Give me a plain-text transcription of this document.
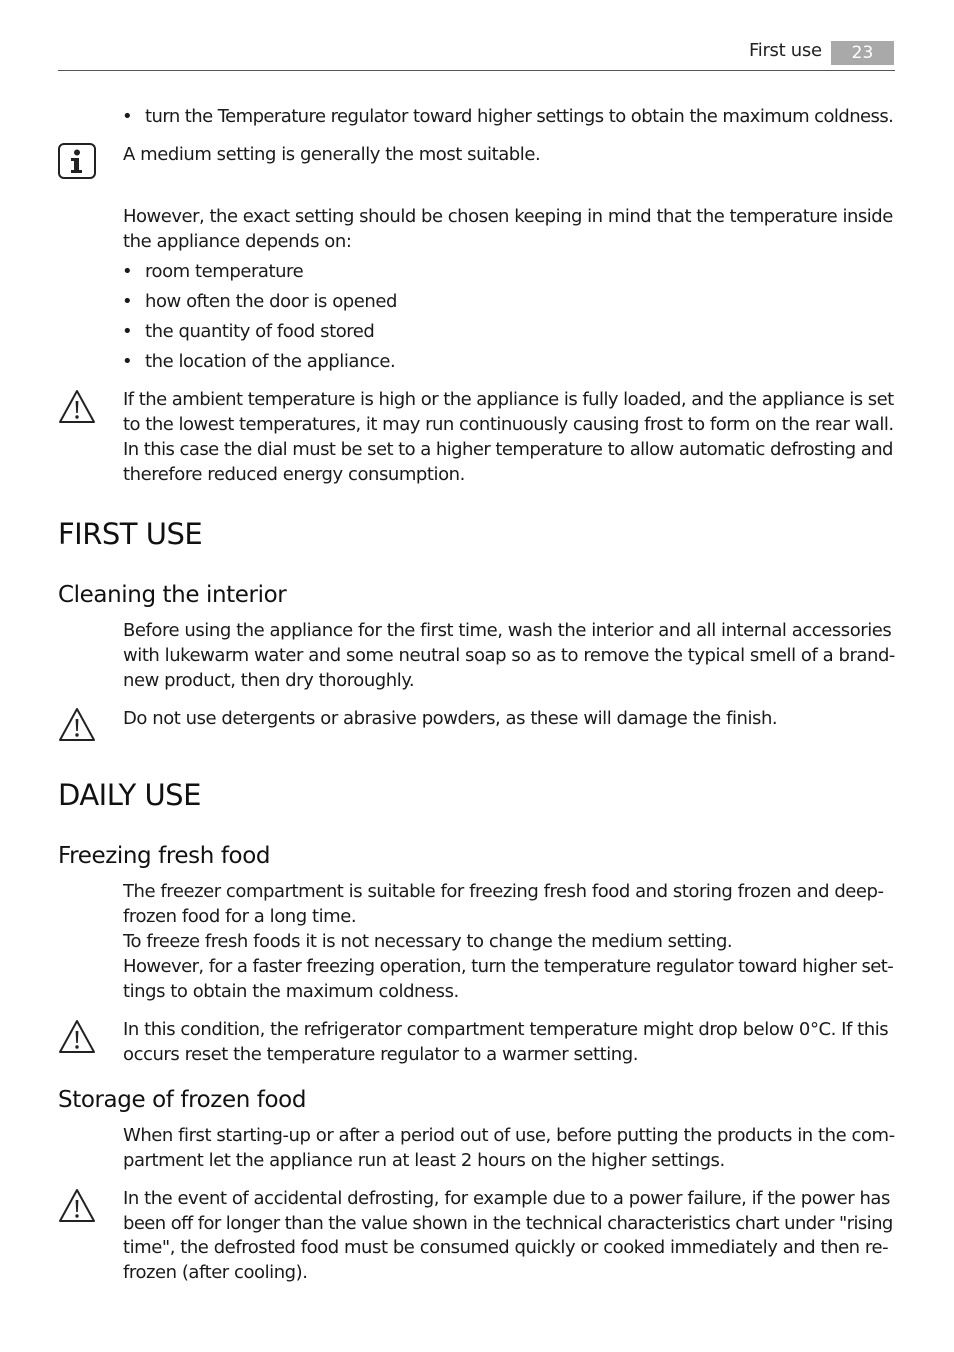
First use	23
• turn the Temperature regulator toward higher settings to obtain the maximum coldness.
A medium setting is generally the most suitable.
However, the exact setting should be chosen keeping in mind that the temperature inside
the appliance depends on:
• room temperature
• how often the door is opened
• the quantity of food stored
• the location of the appliance.
If the ambient temperature is high or the appliance is fully loaded, and the appliance is set
to the lowest temperatures, it may run continuously causing frost to form on the rear wall.
In this case the dial must be set to a higher temperature to allow automatic defrosting and
therefore reduced energy consumption.
FIRST USE
Cleaning the interior
Before using the appliance for the first time, wash the interior and all internal accessories
with lukewarm water and some neutral soap so as to remove the typical smell of a brand-
new product, then dry thoroughly.
Do not use detergents or abrasive powders, as these will damage the finish.
DAILY USE
Freezing fresh food
The freezer compartment is suitable for freezing fresh food and storing frozen and deep-
frozen food for a long time.
To freeze fresh foods it is not necessary to change the medium setting.
However, for a faster freezing operation, turn the temperature regulator toward higher set-
tings to obtain the maximum coldness.
In this condition, the refrigerator compartment temperature might drop below 0°C. If this
occurs reset the temperature regulator to a warmer setting.
Storage of frozen food
When first starting-up or after a period out of use, before putting the products in the com-
partment let the appliance run at least 2 hours on the higher settings.
In the event of accidental defrosting, for example due to a power failure, if the power has
been off for longer than the value shown in the technical characteristics chart under "rising
time", the defrosted food must be consumed quickly or cooked immediately and then re-
frozen (after cooling).
